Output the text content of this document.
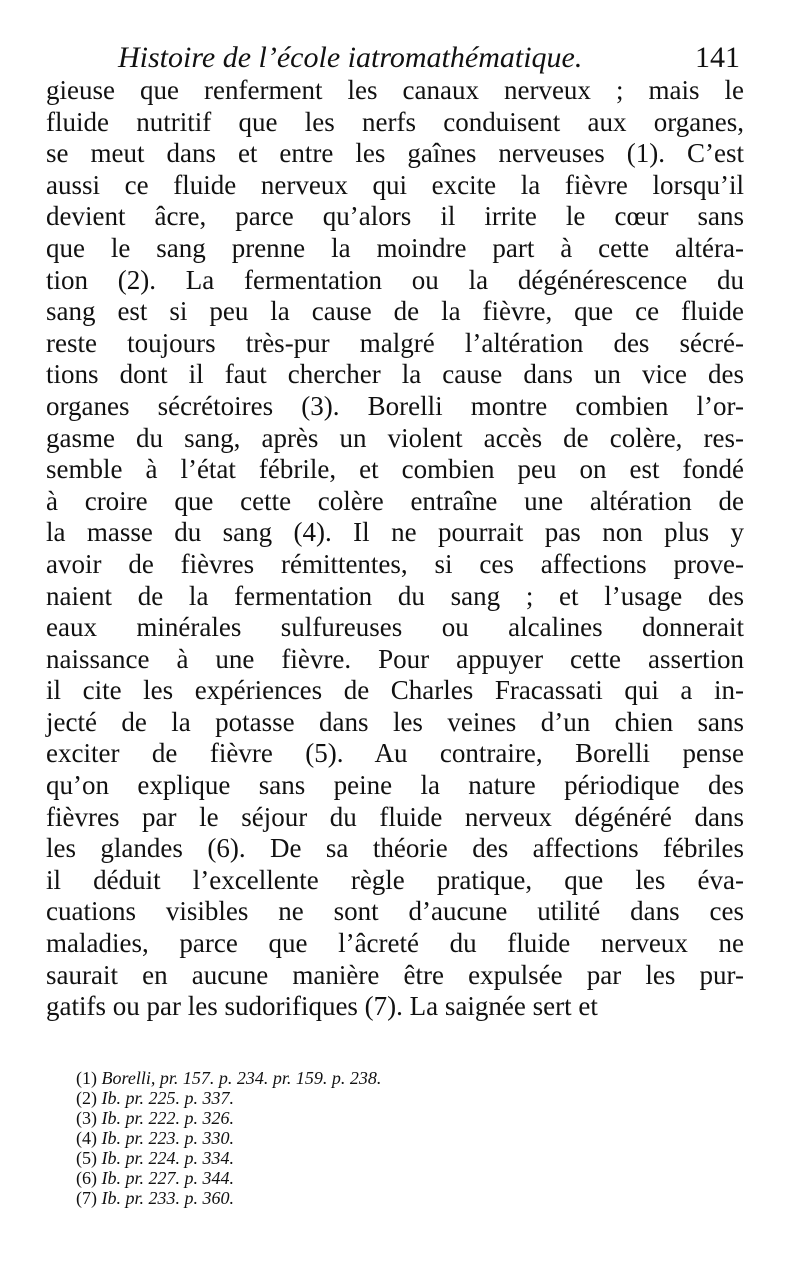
Histoire de l’école iatromathématique.	141
gieuse que renferment les canaux nerveux ; mais le
fluide nutritif que les nerfs conduisent aux organes,
se meut dans et entre les gaînes nerveuses (1). C’est
aussi ce fluide nerveux qui excite la fièvre lorsqu’il
devient âcre, parce qu’alors il irrite le cœur sans
que le sang prenne la moindre part à cette altéra-
tion (2). La fermentation ou la dégénérescence du
sang est si peu la cause de la fièvre, que ce fluide
reste toujours très-pur malgré l’altération des sécré-
tions dont il faut chercher la cause dans un vice des
organes sécrétoires (3). Borelli montre combien l’or-
gasme du sang, après un violent accès de colère, res-
semble à l’état fébrile, et combien peu on est fondé
à croire que cette colère entraîne une altération de
la masse du sang (4). Il ne pourrait pas non plus y
avoir de fièvres rémittentes, si ces affections prove-
naient de la fermentation du sang ; et l’usage des
eaux minérales sulfureuses ou alcalines donnerait
naissance à une fièvre. Pour appuyer cette assertion
il cite les expériences de Charles Fracassati qui a in-
jecté de la potasse dans les veines d’un chien sans
exciter de fièvre (5). Au contraire, Borelli pense
qu’on explique sans peine la nature périodique des
fièvres par le séjour du fluide nerveux dégénéré dans
les glandes (6). De sa théorie des affections fébriles
il déduit l’excellente règle pratique, que les éva-
cuations visibles ne sont d’aucune utilité dans ces
maladies, parce que l’âcreté du fluide nerveux ne
saurait en aucune manière être expulsée par les pur-
gatifs ou par les sudorifiques (7). La saignée sert et
(1) Borelli, pr. 157. p. 234. pr. 159. p. 238.
(2) Ib. pr. 225. p. 337.
(3) Ib. pr. 222. p. 326.
(4) Ib. pr. 223. p. 330.
(5) Ib. pr. 224. p. 334.
(6) Ib. pr. 227. p. 344.
(7) Ib. pr. 233. p. 360.
